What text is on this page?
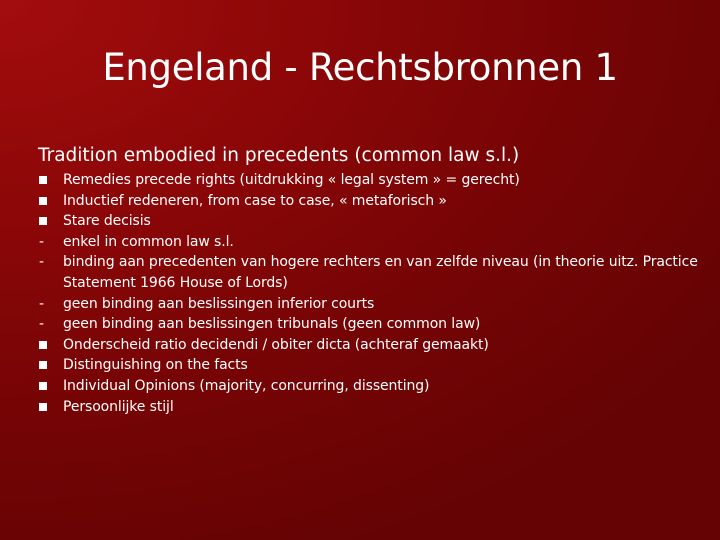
Engeland - Rechtsbronnen 1

Tradition embodied in precedents (common law s.l.)

Remedies precede rights (uitdrukking « legal system » = gerecht)
Inductief redeneren, from case to case, « metaforisch »
Stare decisis
-
enkel in common law s.l.
-
binding aan precedenten van hogere rechters en van zelfde niveau (in theorie uitz. Practice Statement 1966 House of Lords)
-
geen binding aan beslissingen inferior courts
-
geen binding aan beslissingen tribunals (geen common law)
Onderscheid ratio decidendi / obiter dicta (achteraf gemaakt)
Distinguishing on the facts
Individual Opinions (majority, concurring, dissenting)
Persoonlijke stijl
